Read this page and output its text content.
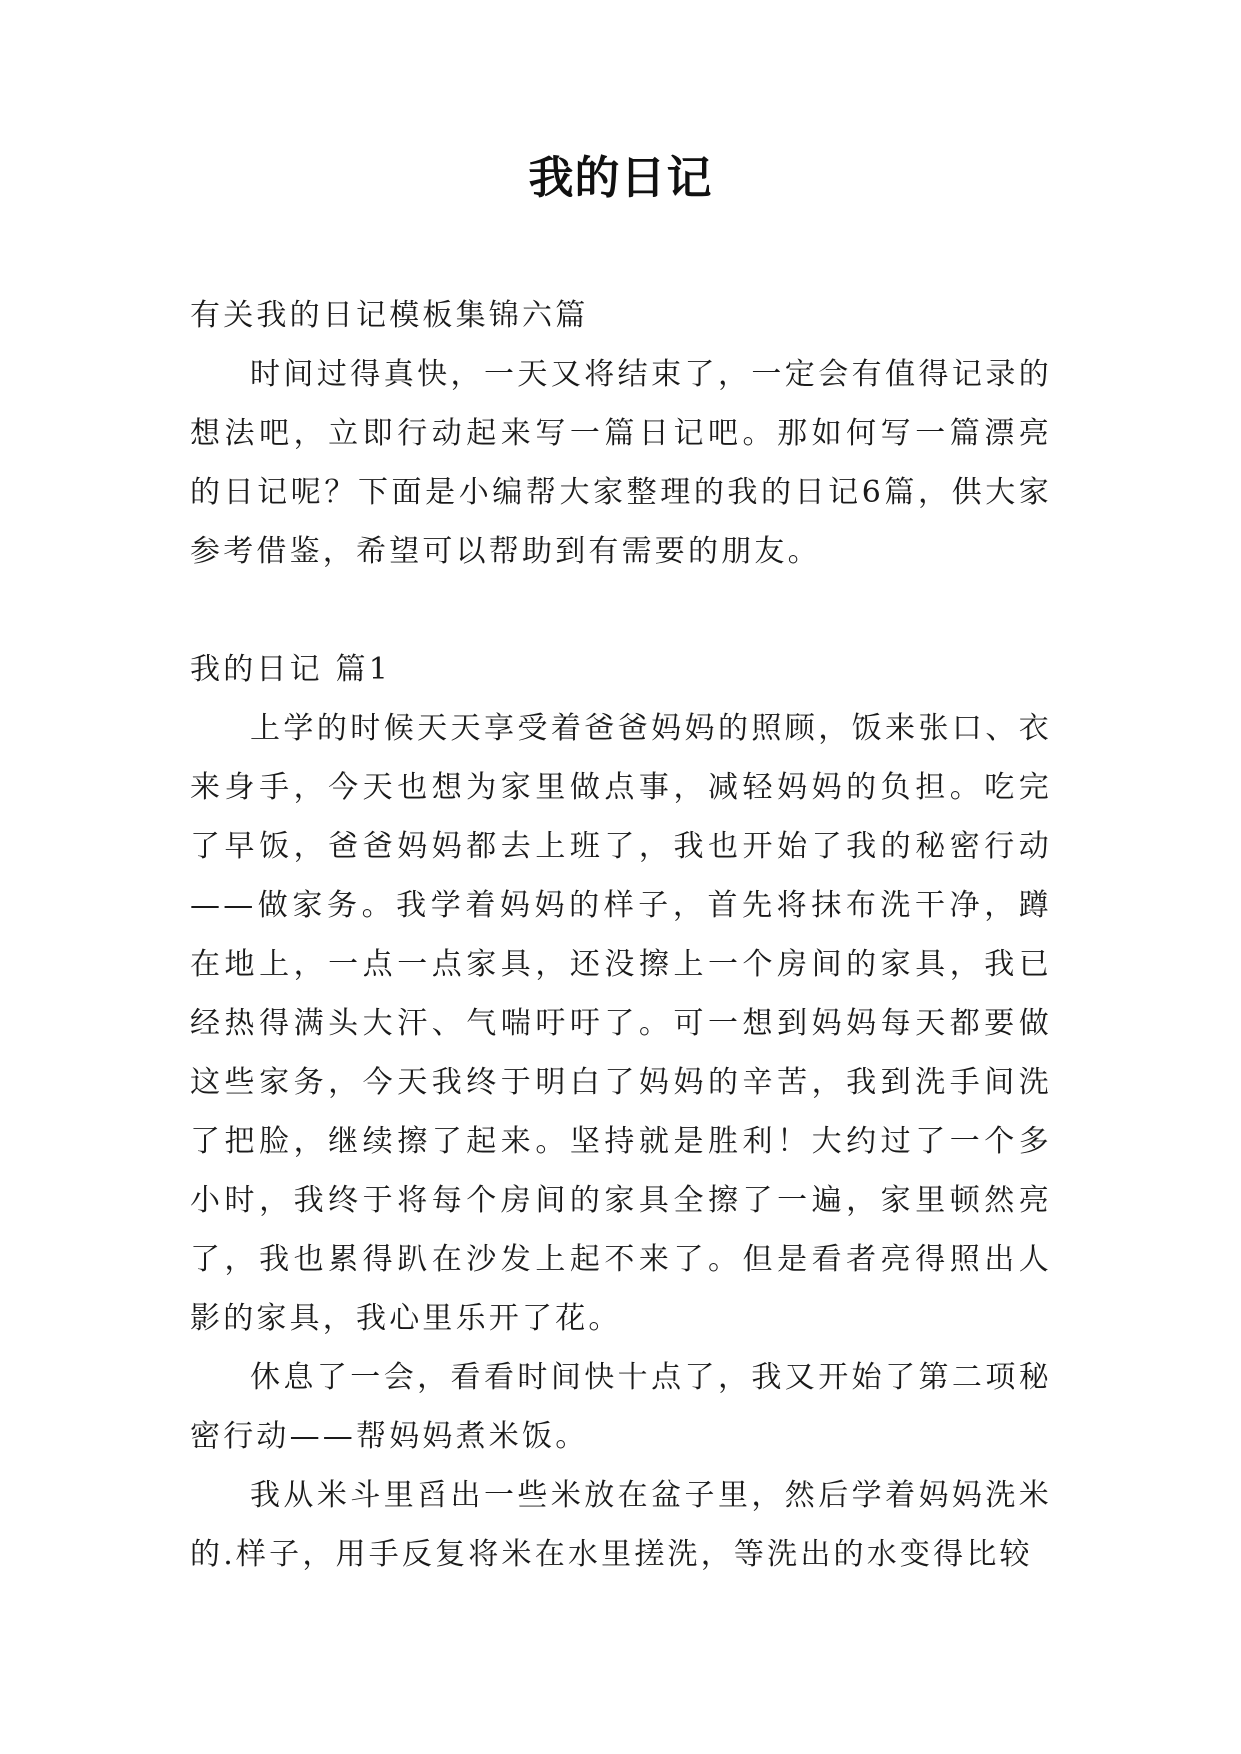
我的日记

有关我的日记模板集锦六篇

时间过得真快，一天又将结束了，一定会有值得记录的想法吧，立即行动起来写一篇日记吧。那如何写一篇漂亮的日记呢？下面是小编帮大家整理的我的日记6篇，供大家参考借鉴，希望可以帮助到有需要的朋友。

我的日记 篇1

上学的时候天天享受着爸爸妈妈的照顾，饭来张口、衣来身手，今天也想为家里做点事，减轻妈妈的负担。吃完了早饭，爸爸妈妈都去上班了，我也开始了我的秘密行动——做家务。我学着妈妈的样子，首先将抹布洗干净，蹲在地上，一点一点家具，还没擦上一个房间的家具，我已经热得满头大汗、气喘吁吁了。可一想到妈妈每天都要做这些家务，今天我终于明白了妈妈的辛苦，我到洗手间洗了把脸，继续擦了起来。坚持就是胜利！大约过了一个多小时，我终于将每个房间的家具全擦了一遍，家里顿然亮了，我也累得趴在沙发上起不来了。但是看者亮得照出人影的家具，我心里乐开了花。

休息了一会，看看时间快十点了，我又开始了第二项秘密行动——帮妈妈煮米饭。

我从米斗里舀出一些米放在盆子里，然后学着妈妈洗米的.样子，用手反复将米在水里搓洗，等洗出的水变得比较
